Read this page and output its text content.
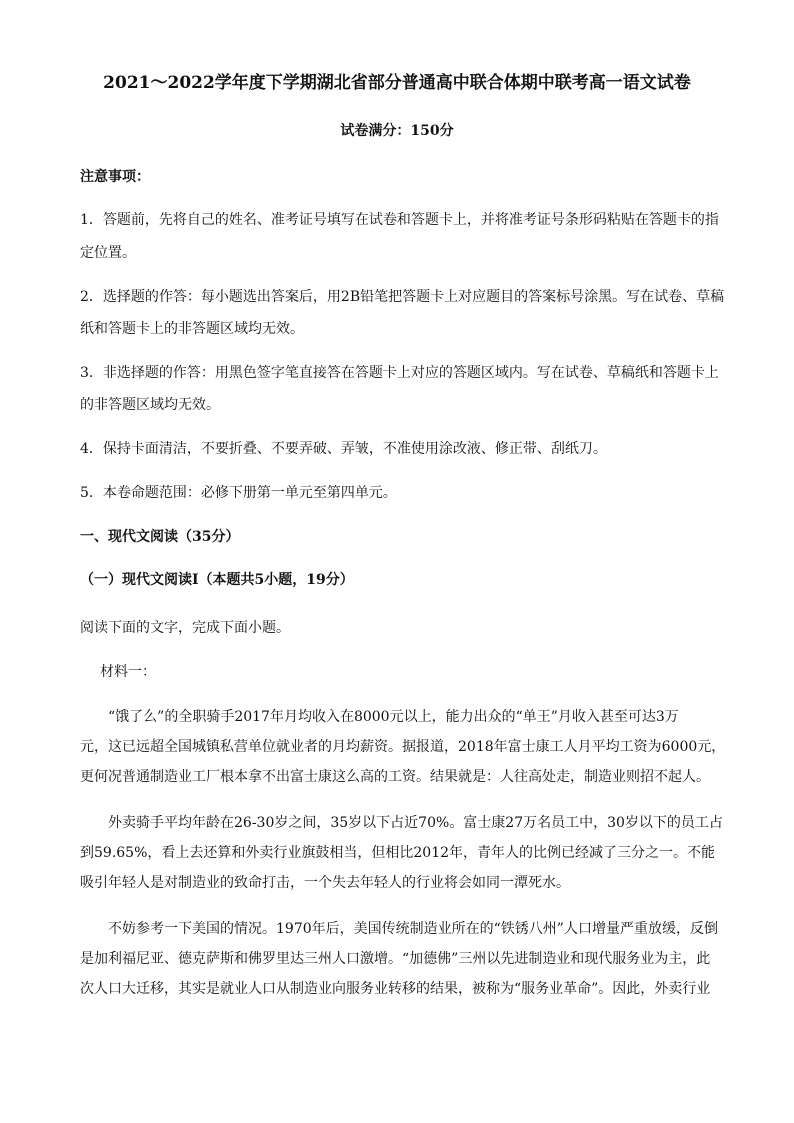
2021～2022学年度下学期湖北省部分普通高中联合体期中联考高一语文试卷
试卷满分：150分
注意事项：
1．答题前，先将自己的姓名、准考证号填写在试卷和答题卡上，并将准考证号条形码粘贴在答题卡的指
定位置。
2．选择题的作答：每小题选出答案后，用2B铅笔把答题卡上对应题目的答案标号涂黑。写在试卷、草稿
纸和答题卡上的非答题区域均无效。
3．非选择题的作答：用黑色签字笔直接答在答题卡上对应的答题区域内。写在试卷、草稿纸和答题卡上
的非答题区域均无效。
4．保持卡面清洁，不要折叠、不要弄破、弄皱，不准使用涂改液、修正带、刮纸刀。
5．本卷命题范围：必修下册第一单元至第四单元。
一、现代文阅读（35分）
（一）现代文阅读Ⅰ（本题共5小题，19分）
阅读下面的文字，完成下面小题。
材料一：
“饿了么”的全职骑手2017年月均收入在8000元以上，能力出众的“单王”月收入甚至可达3万
元，这已远超全国城镇私营单位就业者的月均薪资。据报道，2018年富士康工人月平均工资为6000元，
更何况普通制造业工厂根本拿不出富士康这么高的工资。结果就是：人往高处走，制造业则招不起人。
外卖骑手平均年龄在26-30岁之间，35岁以下占近70%。富士康27万名员工中，30岁以下的员工占
到59.65%，看上去还算和外卖行业旗鼓相当，但相比2012年，青年人的比例已经减了三分之一。不能
吸引年轻人是对制造业的致命打击，一个失去年轻人的行业将会如同一潭死水。
不妨参考一下美国的情况。1970年后，美国传统制造业所在的“铁锈八州”人口增量严重放缓，反倒
是加利福尼亚、德克萨斯和佛罗里达三州人口激增。“加德佛”三州以先进制造业和现代服务业为主，此
次人口大迁移，其实是就业人口从制造业向服务业转移的结果，被称为“服务业革命”。因此，外卖行业
